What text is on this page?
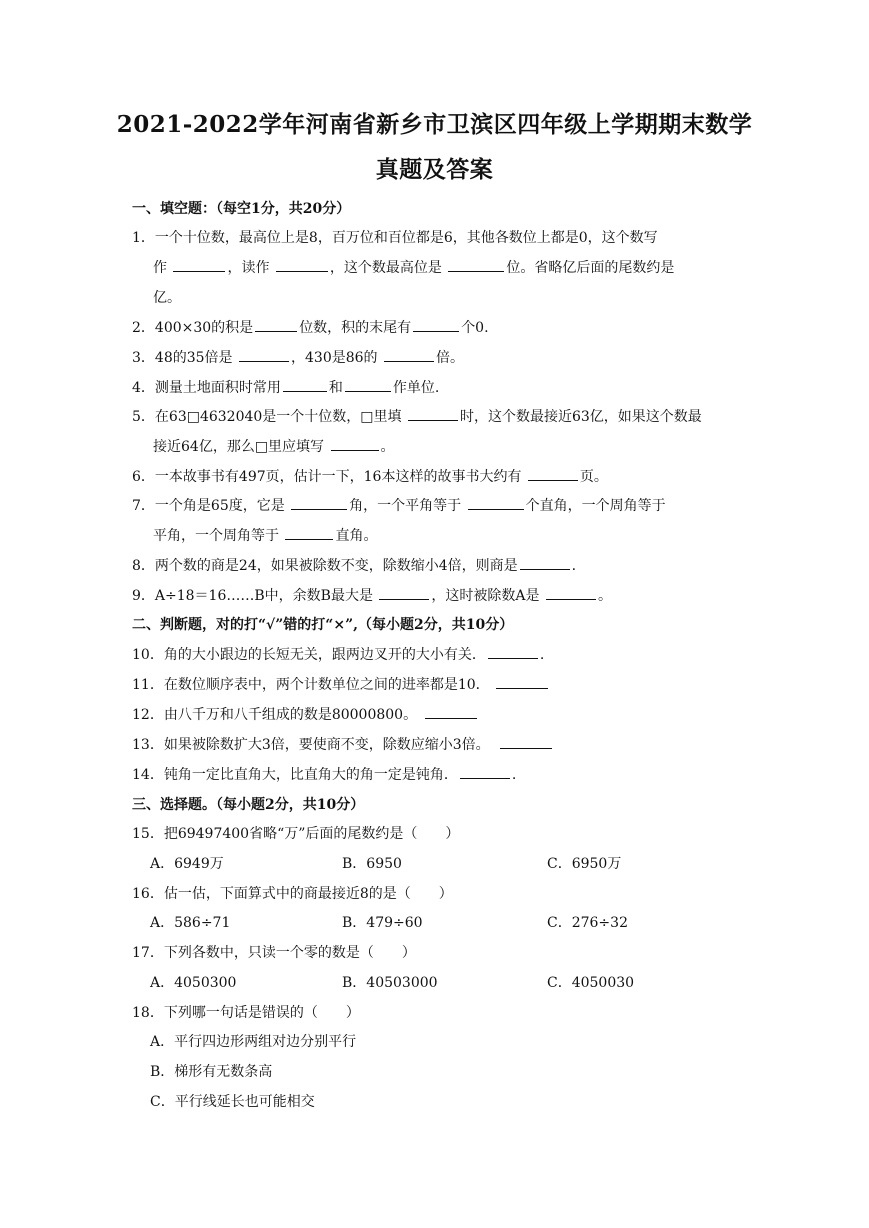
2021-2022学年河南省新乡市卫滨区四年级上学期期末数学
真题及答案
一、填空题：（每空1分，共20分）
1．一个十位数，最高位上是8，百万位和百位都是6，其他各数位上都是0，这个数写
作	，读作	，这个数最高位是	位。省略亿后面的尾数约是
亿。
2．400×30的积是	位数，积的末尾有	个0.
3．48的35倍是	，430是86的	倍。
4．测量土地面积时常用	和	作单位.
5．在63□4632040是一个十位数，□里填	时，这个数最接近63亿，如果这个数最
接近64亿，那么□里应填写	。
6．一本故事书有497页，估计一下，16本这样的故事书大约有	页。
7．一个角是65度，它是	角，一个平角等于	个直角，一个周角等于
平角，一个周角等于	直角。
8．两个数的商是24，如果被除数不变，除数缩小4倍，则商是	.
9．A÷18＝16……B中，余数B最大是	，这时被除数A是	。
二、判断题，对的打“√”错的打“×”,（每小题2分，共10分）
10．角的大小跟边的长短无关，跟两边叉开的大小有关．	.
11．在数位顺序表中，两个计数单位之间的进率都是10．
12．由八千万和八千组成的数是80000800。
13．如果被除数扩大3倍，要使商不变，除数应缩小3倍。
14．钝角一定比直角大，比直角大的角一定是钝角．	.
三、选择题。（每小题2分，共10分）
15．把69497400省略“万”后面的尾数约是（　　）
A．6949万	B．6950	C．6950万
16．估一估，下面算式中的商最接近8的是（　　）
A．586÷71	B．479÷60	C．276÷32
17．下列各数中，只读一个零的数是（　　）
A．4050300	B．40503000	C．4050030
18．下列哪一句话是错误的（　　）
A．平行四边形两组对边分别平行
B．梯形有无数条高
C．平行线延长也可能相交
